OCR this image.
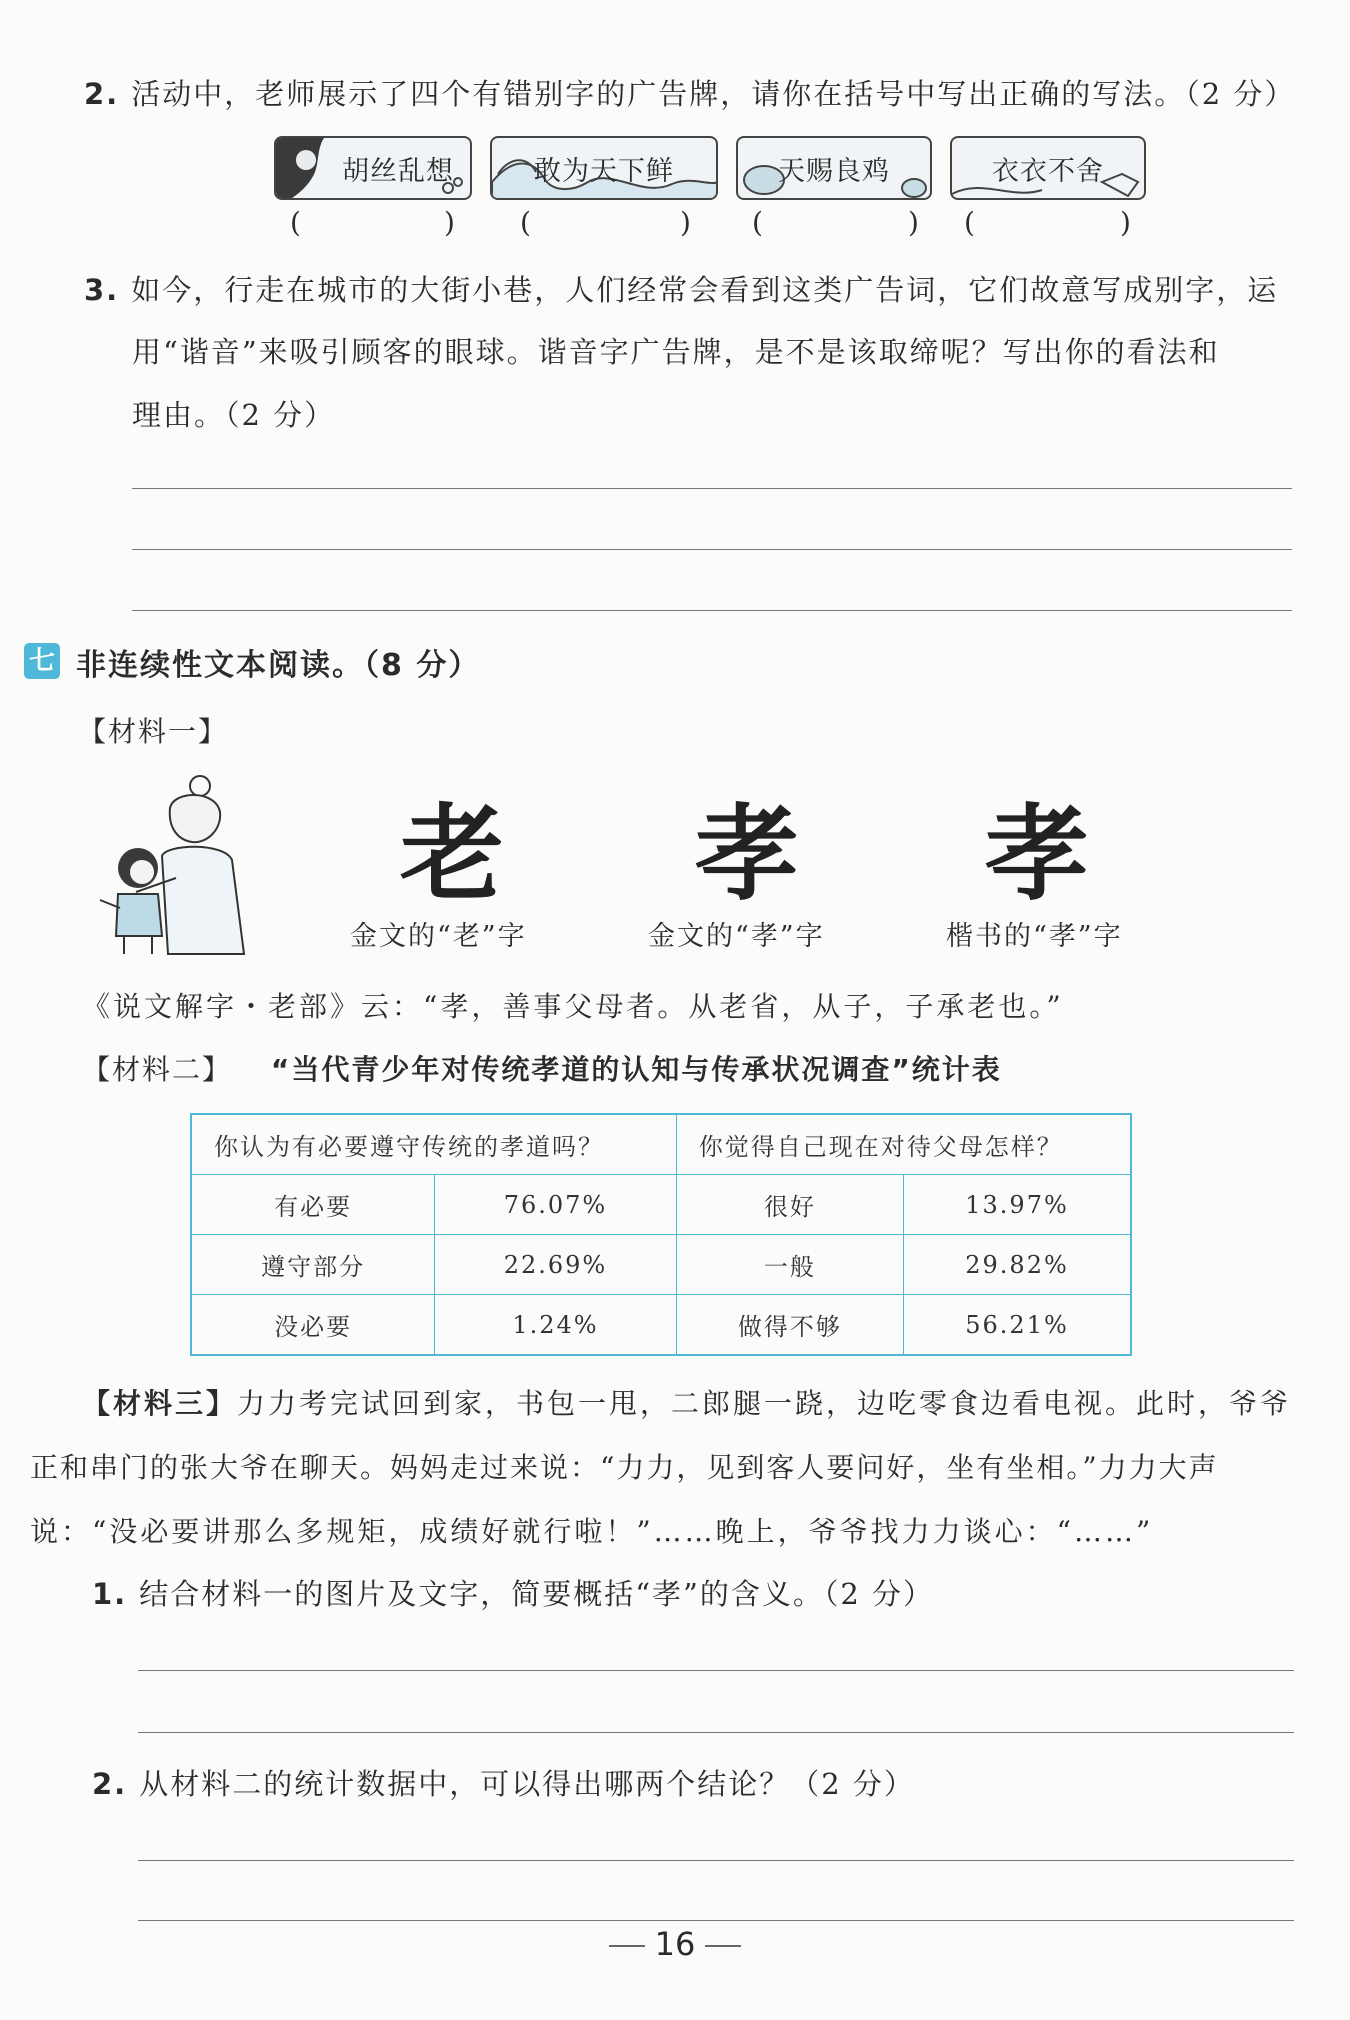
2. 活动中，老师展示了四个有错别字的广告牌，请你在括号中写出正确的写法。（2 分）
胡丝乱想	敢为天下鲜	天赐良鸡	衣衣不舍
(	) (	) (	) (	)
3. 如今，行走在城市的大街小巷，人们经常会看到这类广告词，它们故意写成别字，运
用“谐音”来吸引顾客的眼球。谐音字广告牌，是不是该取缔呢？写出你的看法和
理由。（2 分）
七 非连续性文本阅读。（8 分）
【材料一】
老 孝 孝
金文的“老”字	金文的“孝”字	楷书的“孝”字
《说文解字・老部》云：“孝，善事父母者。从老省，从子，子承老也。”
【材料二】 “当代青少年对传统孝道的认知与传承状况调查”统计表
你认为有必要遵守传统的孝道吗？		你觉得自己现在对待父母怎样？	
有必要	76.07%	很好	13.97%
遵守部分	22.69%	一般	29.82%
没必要	1.24%	做得不够	56.21%
【材料三】力力考完试回到家，书包一甩，二郎腿一跷，边吃零食边看电视。此时，爷爷
正和串门的张大爷在聊天。妈妈走过来说：“力力，见到客人要问好，坐有坐相。”力力大声
说：“没必要讲那么多规矩，成绩好就行啦！”……晚上，爷爷找力力谈心：“……”
1. 结合材料一的图片及文字，简要概括“孝”的含义。（2 分）
2. 从材料二的统计数据中，可以得出哪两个结论？（2 分）
16
